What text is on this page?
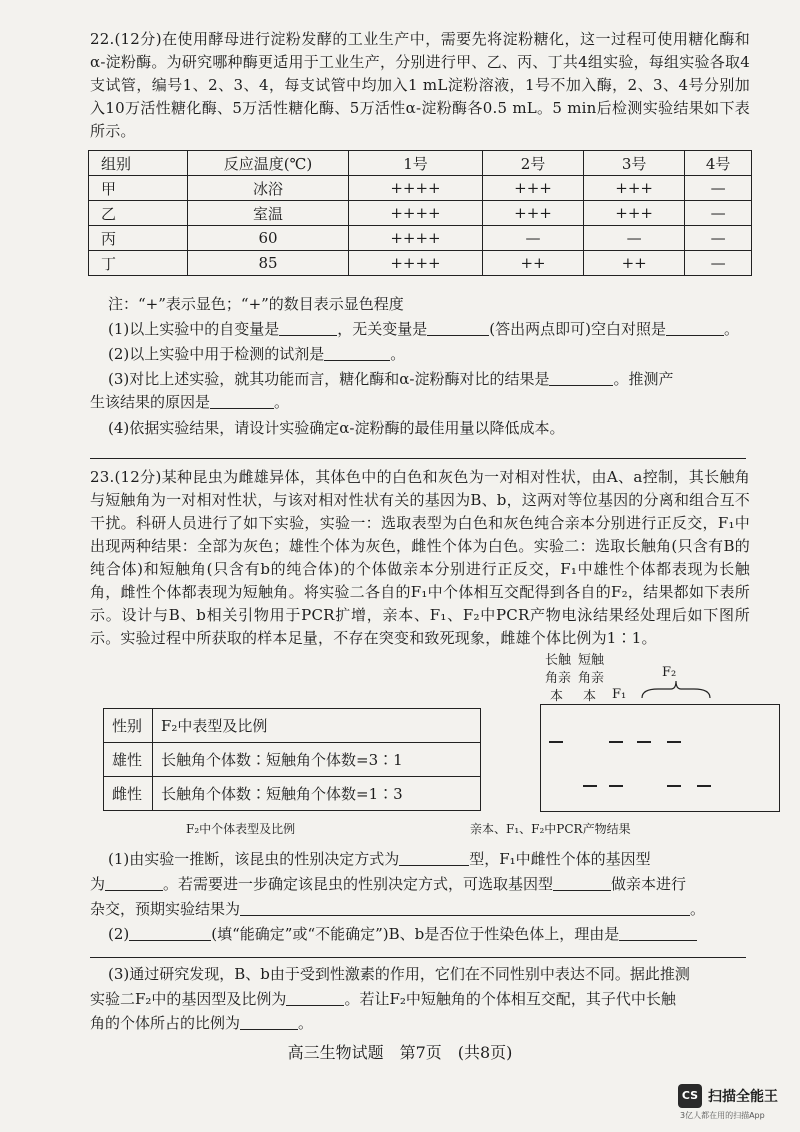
22.(12分)在使用酵母进行淀粉发酵的工业生产中，需要先将淀粉糖化，这一过程可使用糖化酶和α-淀粉酶。为研究哪种酶更适用于工业生产，分别进行甲、乙、丙、丁共4组实验，每组实验各取4支试管，编号1、2、3、4，每支试管中均加入1 mL淀粉溶液，1号不加入酶，2、3、4号分别加入10万活性糖化酶、5万活性糖化酶、5万活性α-淀粉酶各0.5 mL。5 min后检测实验结果如下表所示。
组别	反应温度(℃)	1号	2号	3号	4号
甲	冰浴	++++	+++	+++	—
乙	室温	++++	+++	+++	—
丙	60	++++	—	—	—
丁	85	++++	++	++	—
注：“+”表示显色；“+”的数目表示显色程度
(1)以上实验中的自变量是	，无关变量是	(答出两点即可)空白对照是	。
(2)以上实验中用于检测的试剂是	。
(3)对比上述实验，就其功能而言，糖化酶和α-淀粉酶对比的结果是	。推测产
生该结果的原因是	。
(4)依据实验结果，请设计实验确定α-淀粉酶的最佳用量以降低成本。
23.(12分)某种昆虫为雌雄异体，其体色中的白色和灰色为一对相对性状，由A、a控制，其长触角与短触角为一对相对性状，与该对相对性状有关的基因为B、b，这两对等位基因的分离和组合互不干扰。科研人员进行了如下实验，实验一：选取表型为白色和灰色纯合亲本分别进行正反交，F₁中出现两种结果：全部为灰色；雄性个体为灰色，雌性个体为白色。实验二：选取长触角(只含有B的纯合体)和短触角(只含有b的纯合体)的个体做亲本分别进行正反交，F₁中雄性个体都表现为长触角，雌性个体都表现为短触角。将实验二各自的F₁中个体相互交配得到各自的F₂，结果都如下表所示。设计与B、b相关引物用于PCR扩增，亲本、F₁、F₂中PCR产物电泳结果经处理后如下图所示。实验过程中所获取的样本足量，不存在突变和致死现象，雌雄个体比例为1∶1。
性别	F₂中表型及比例
雄性	长触角个体数∶短触角个体数=3∶1
雌性	长触角个体数∶短触角个体数=1∶3
F₂中个体表型及比例
长触
角亲
本
短触
角亲
本 F₁
F₂
亲本、F₁、F₂中PCR产物结果
(1)由实验一推断，该昆虫的性别决定方式为	型，F₁中雌性个体的基因型
为	。若需要进一步确定该昆虫的性别决定方式，可选取基因型	做亲本进行
杂交，预期实验结果为	。
(2)	(填“能确定”或“不能确定”)B、b是否位于性染色体上，理由是
(3)通过研究发现，B、b由于受到性激素的作用，它们在不同性别中表达不同。据此推测
实验二F₂中的基因型及比例为	。若让F₂中短触角的个体相互交配，其子代中长触
角的个体所占的比例为	。
高三生物试题　第7页　(共8页)
CS 扫描全能王
3亿人都在用的扫描App
